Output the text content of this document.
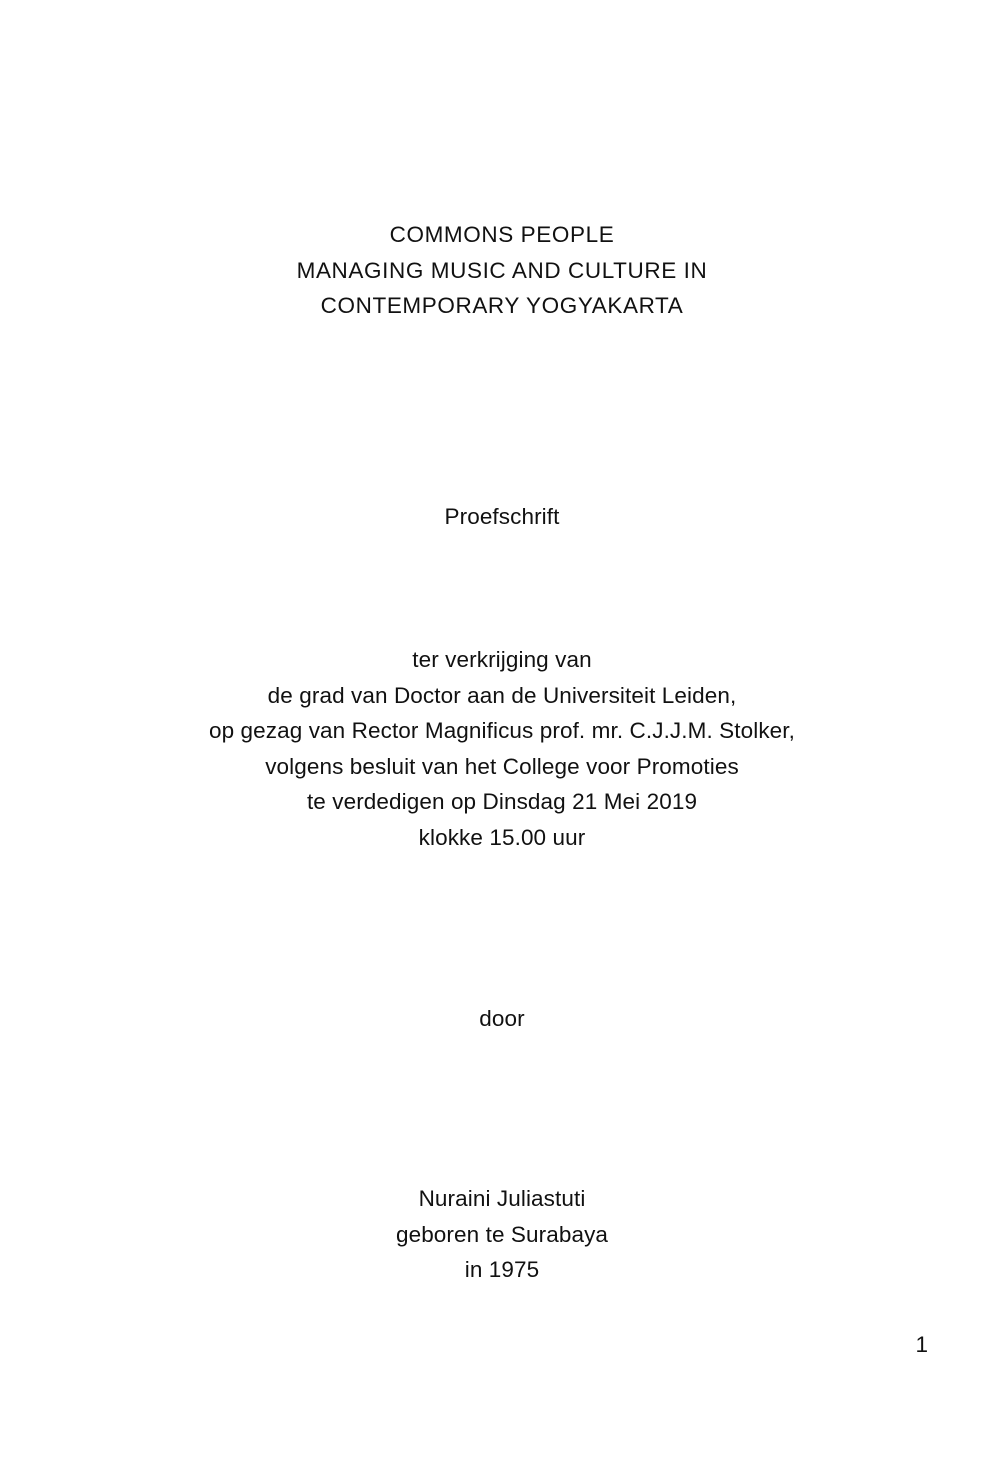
COMMONS PEOPLE
MANAGING MUSIC AND CULTURE IN
CONTEMPORARY YOGYAKARTA
Proefschrift
ter verkrijging van
de grad van Doctor aan de Universiteit Leiden,
op gezag van Rector Magnificus prof. mr. C.J.J.M. Stolker,
volgens besluit van het College voor Promoties
te verdedigen op Dinsdag 21 Mei 2019
klokke 15.00 uur
door
Nuraini Juliastuti
geboren te Surabaya
in 1975
1
